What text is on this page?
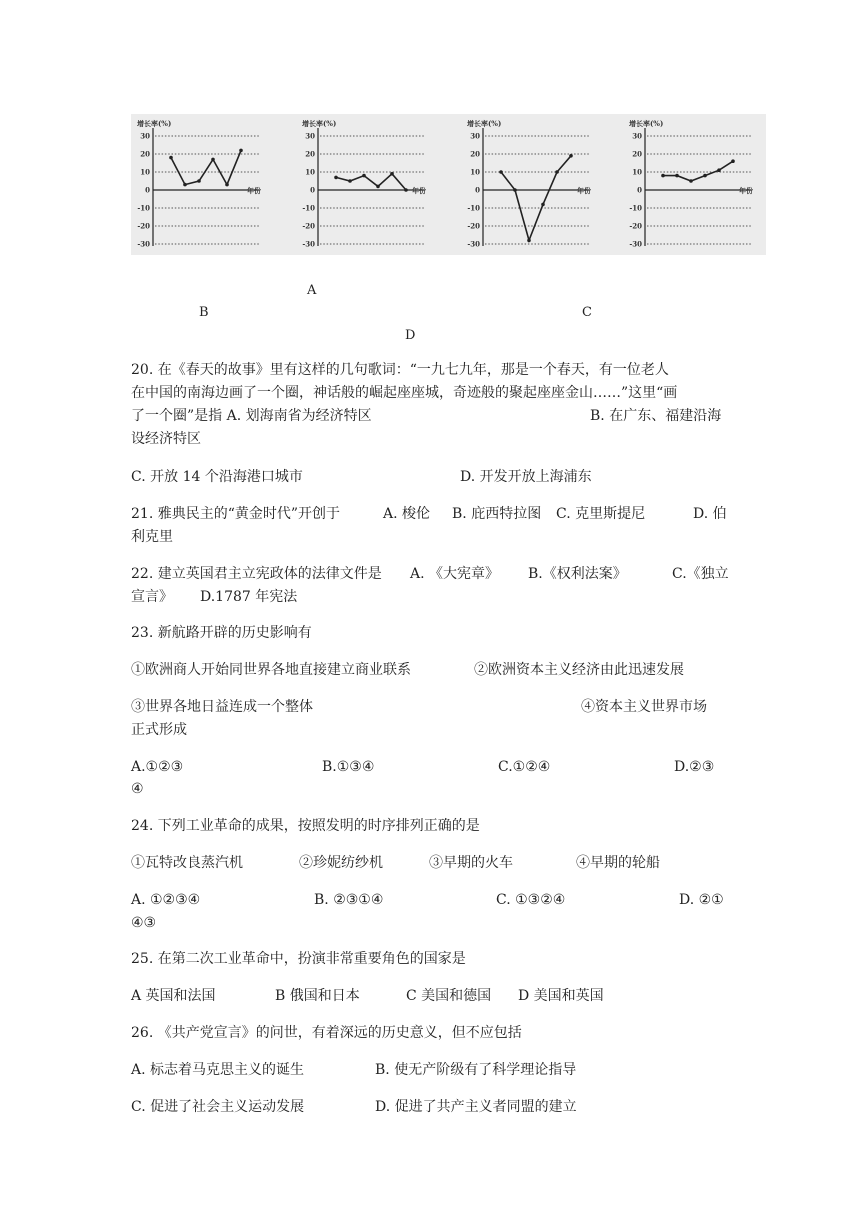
增长率(%)
30
20
10
0
-10
-20
-30
年份
增长率(%)
30
20
10
0
-10
-20
-30
年份
增长率(%)
30
20
10
0
-10
-20
-30
年份
增长率(%)
30
20
10
0
-10
-20
-30
年份
A
B	C
D
20. 在《春天的故事》里有这样的几句歌词：“一九七九年，那是一个春天，有一位老人
在中国的南海边画了一个圈，神话般的崛起座座城，奇迹般的聚起座座金山……”这里“画
了一个圈”是指 A. 划海南省为经济特区	B. 在广东、福建沿海
设经济特区
C. 开放 14 个沿海港口城市	D. 开发开放上海浦东
21. 雅典民主的“黄金时代”开创于	A. 梭伦 B. 庇西特拉图 C. 克里斯提尼	D. 伯
利克里
22. 建立英国君主立宪政体的法律文件是 A. 《大宪章》 B.《权利法案》	C.《独立
宣言》 D.1787 年宪法
23. 新航路开辟的历史影响有
①欧洲商人开始同世界各地直接建立商业联系	②欧洲资本主义经济由此迅速发展
③世界各地日益连成一个整体	④资本主义世界市场
正式形成
A.①②③	B.①③④	C.①②④	D.②③
④
24. 下列工业革命的成果，按照发明的时序排列正确的是
①瓦特改良蒸汽机	②珍妮纺纱机	③早期的火车	④早期的轮船
A. ①②③④	B. ②③①④	C. ①③②④	D. ②①
④③
25. 在第二次工业革命中，扮演非常重要角色的国家是
A 英国和法国	B 俄国和日本	C 美国和德国 D 美国和英国
26. 《共产党宣言》的问世，有着深远的历史意义，但不应包括
A. 标志着马克思主义的诞生	B. 使无产阶级有了科学理论指导
C. 促进了社会主义运动发展	D. 促进了共产主义者同盟的建立
